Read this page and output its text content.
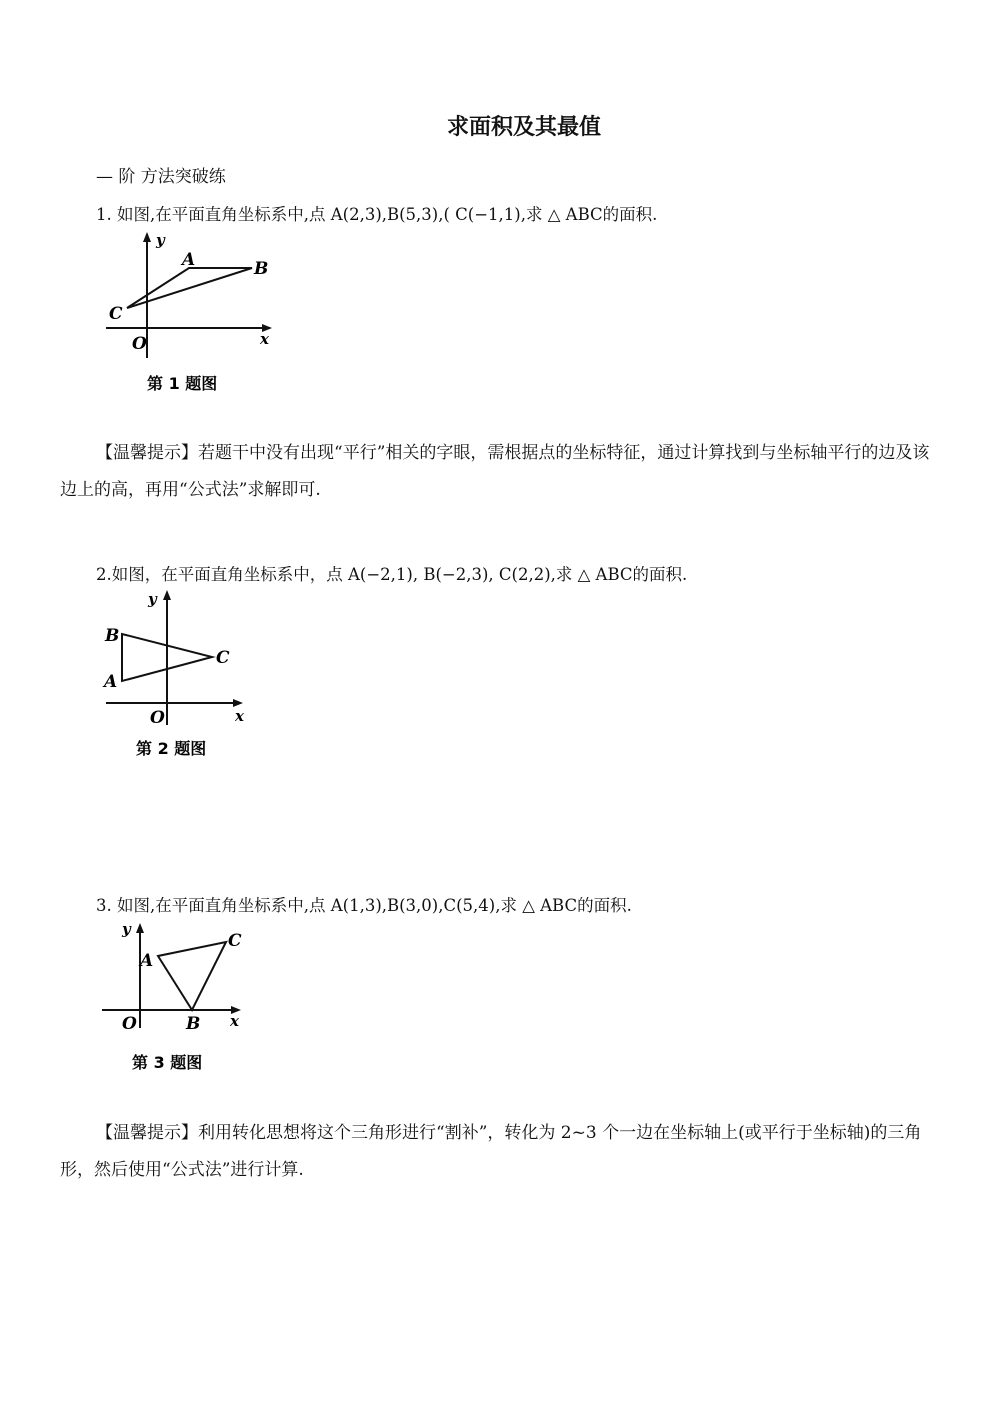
求面积及其最值
— 阶 方法突破练
1. 如图,在平面直角坐标系中,点 A(2,3),B(5,3),( C(−1,1),求 △ ABC的面积.
y
x
O
A	B
C
第 1 题图
【温馨提示】若题干中没有出现“平行”相关的字眼，需根据点的坐标特征，通过计算找到与坐标轴平行的边及该边上的高，再用“公式法”求解即可.
2.如图，在平面直角坐标系中，点 A(−2,1), B(−2,3), C(2,2),求 △ ABC的面积.
y
x
O
A
B
C
第 2 题图
3. 如图,在平面直角坐标系中,点 A(1,3),B(3,0),C(5,4),求 △ ABC的面积.
y
x
O
A
B
C
第 3 题图
【温馨提示】利用转化思想将这个三角形进行“割补”，转化为 2~3 个一边在坐标轴上(或平行于坐标轴)的三角形，然后使用“公式法”进行计算.
